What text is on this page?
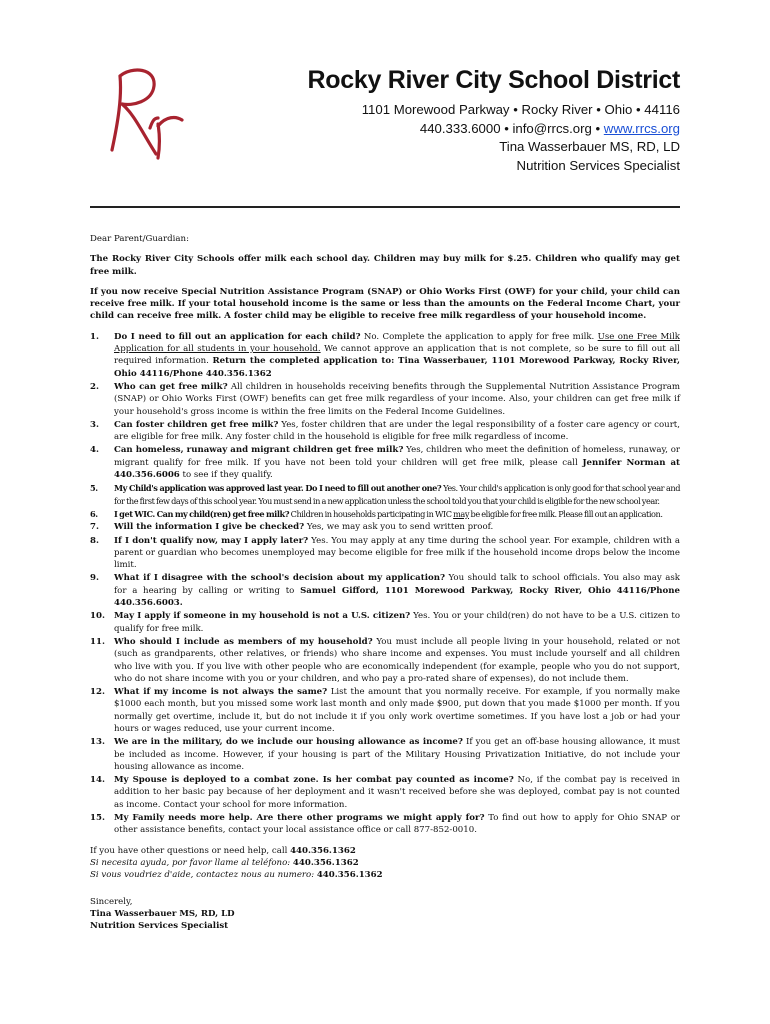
Rr
Rocky River City School District
1101 Morewood Parkway • Rocky River • Ohio • 44116
440.333.6000 • info@rrcs.org • www.rrcs.org
Tina Wasserbauer MS, RD, LD
Nutrition Services Specialist

Dear Parent/Guardian:

The Rocky River City Schools offer milk each school day. Children may buy milk for $.25. Children who qualify may get free milk.

If you now receive Special Nutrition Assistance Program (SNAP) or Ohio Works First (OWF) for your child, your child can receive free milk. If your total household income is the same or less than the amounts on the Federal Income Chart, your child can receive free milk. A foster child may be eligible to receive free milk regardless of your household income.

1. Do I need to fill out an application for each child? No. Complete the application to apply for free milk. Use one Free Milk Application for all students in your household. We cannot approve an application that is not complete, so be sure to fill out all required information. Return the completed application to: Tina Wasserbauer, 1101 Morewood Parkway, Rocky River, Ohio 44116/Phone 440.356.1362
2. Who can get free milk? All children in households receiving benefits through the Supplemental Nutrition Assistance Program (SNAP) or Ohio Works First (OWF) benefits can get free milk regardless of your income. Also, your children can get free milk if your household's gross income is within the free limits on the Federal Income Guidelines.
3. Can foster children get free milk? Yes, foster children that are under the legal responsibility of a foster care agency or court, are eligible for free milk. Any foster child in the household is eligible for free milk regardless of income.
4. Can homeless, runaway and migrant children get free milk? Yes, children who meet the definition of homeless, runaway, or migrant qualify for free milk. If you have not been told your children will get free milk, please call Jennifer Norman at 440.356.6006 to see if they qualify.
5. My Child's application was approved last year. Do I need to fill out another one? Yes. Your child's application is only good for that school year and for the first few days of this school year. You must send in a new application unless the school told you that your child is eligible for the new school year.
6. I get WIC. Can my child(ren) get free milk? Children in households participating in WIC may be eligible for free milk. Please fill out an application.
7. Will the information I give be checked? Yes, we may ask you to send written proof.
8. If I don't qualify now, may I apply later? Yes. You may apply at any time during the school year. For example, children with a parent or guardian who becomes unemployed may become eligible for free milk if the household income drops below the income limit.
9. What if I disagree with the school's decision about my application? You should talk to school officials. You also may ask for a hearing by calling or writing to Samuel Gifford, 1101 Morewood Parkway, Rocky River, Ohio 44116/Phone 440.356.6003.
10. May I apply if someone in my household is not a U.S. citizen? Yes. You or your child(ren) do not have to be a U.S. citizen to qualify for free milk.
11. Who should I include as members of my household? You must include all people living in your household, related or not (such as grandparents, other relatives, or friends) who share income and expenses. You must include yourself and all children who live with you. If you live with other people who are economically independent (for example, people who you do not support, who do not share income with you or your children, and who pay a pro-rated share of expenses), do not include them.
12. What if my income is not always the same? List the amount that you normally receive. For example, if you normally make $1000 each month, but you missed some work last month and only made $900, put down that you made $1000 per month. If you normally get overtime, include it, but do not include it if you only work overtime sometimes. If you have lost a job or had your hours or wages reduced, use your current income.
13. We are in the military, do we include our housing allowance as income? If you get an off-base housing allowance, it must be included as income. However, if your housing is part of the Military Housing Privatization Initiative, do not include your housing allowance as income.
14. My Spouse is deployed to a combat zone. Is her combat pay counted as income? No, if the combat pay is received in addition to her basic pay because of her deployment and it wasn't received before she was deployed, combat pay is not counted as income. Contact your school for more information.
15. My Family needs more help. Are there other programs we might apply for? To find out how to apply for Ohio SNAP or other assistance benefits, contact your local assistance office or call 877-852-0010.

If you have other questions or need help, call 440.356.1362

Si necesita ayuda, por favor llame al teléfono: 440.356.1362

Si vous voudriez d'aide, contactez nous au numero: 440.356.1362

Sincerely,

Tina Wasserbauer MS, RD, LD

Nutrition Services Specialist
